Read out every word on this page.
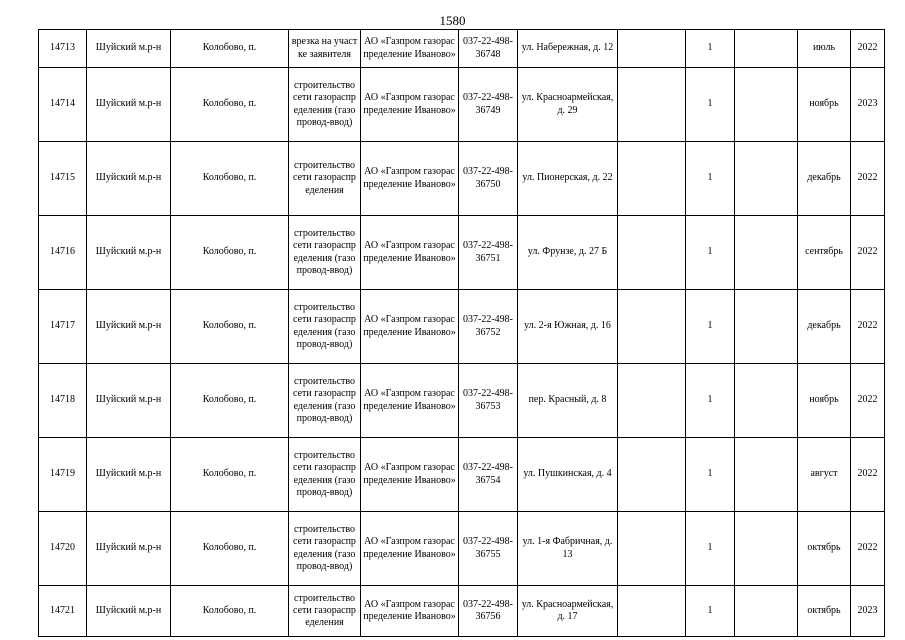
1580
14713	Шуйский м.р-н	Колобово, п.	врезка на участке заявителя	АО «Газпром газораспределение Иваново»	037-22-498-36748	ул. Набережная, д. 12		1		июль	2022
14714	Шуйский м.р-н	Колобово, п.	строительство сети газораспределения (газопровод-ввод)	АО «Газпром газораспределение Иваново»	037-22-498-36749	ул. Красноармейская, д. 29		1		ноябрь	2023
14715	Шуйский м.р-н	Колобово, п.	строительство сети газораспределения	АО «Газпром газораспределение Иваново»	037-22-498-36750	ул. Пионерская, д. 22		1		декабрь	2022
14716	Шуйский м.р-н	Колобово, п.	строительство сети газораспределения (газопровод-ввод)	АО «Газпром газораспределение Иваново»	037-22-498-36751	ул. Фрунзе, д. 27 Б		1		сентябрь	2022
14717	Шуйский м.р-н	Колобово, п.	строительство сети газораспределения (газопровод-ввод)	АО «Газпром газораспределение Иваново»	037-22-498-36752	ул. 2-я Южная, д. 16		1		декабрь	2022
14718	Шуйский м.р-н	Колобово, п.	строительство сети газораспределения (газопровод-ввод)	АО «Газпром газораспределение Иваново»	037-22-498-36753	пер. Красный, д. 8		1		ноябрь	2022
14719	Шуйский м.р-н	Колобово, п.	строительство сети газораспределения (газопровод-ввод)	АО «Газпром газораспределение Иваново»	037-22-498-36754	ул. Пушкинская, д. 4		1		август	2022
14720	Шуйский м.р-н	Колобово, п.	строительство сети газораспределения (газопровод-ввод)	АО «Газпром газораспределение Иваново»	037-22-498-36755	ул. 1-я Фабричная, д. 13		1		октябрь	2022
14721	Шуйский м.р-н	Колобово, п.	строительство сети газораспределения	АО «Газпром газораспределение Иваново»	037-22-498-36756	ул. Красноармейская, д. 17		1		октябрь	2023
